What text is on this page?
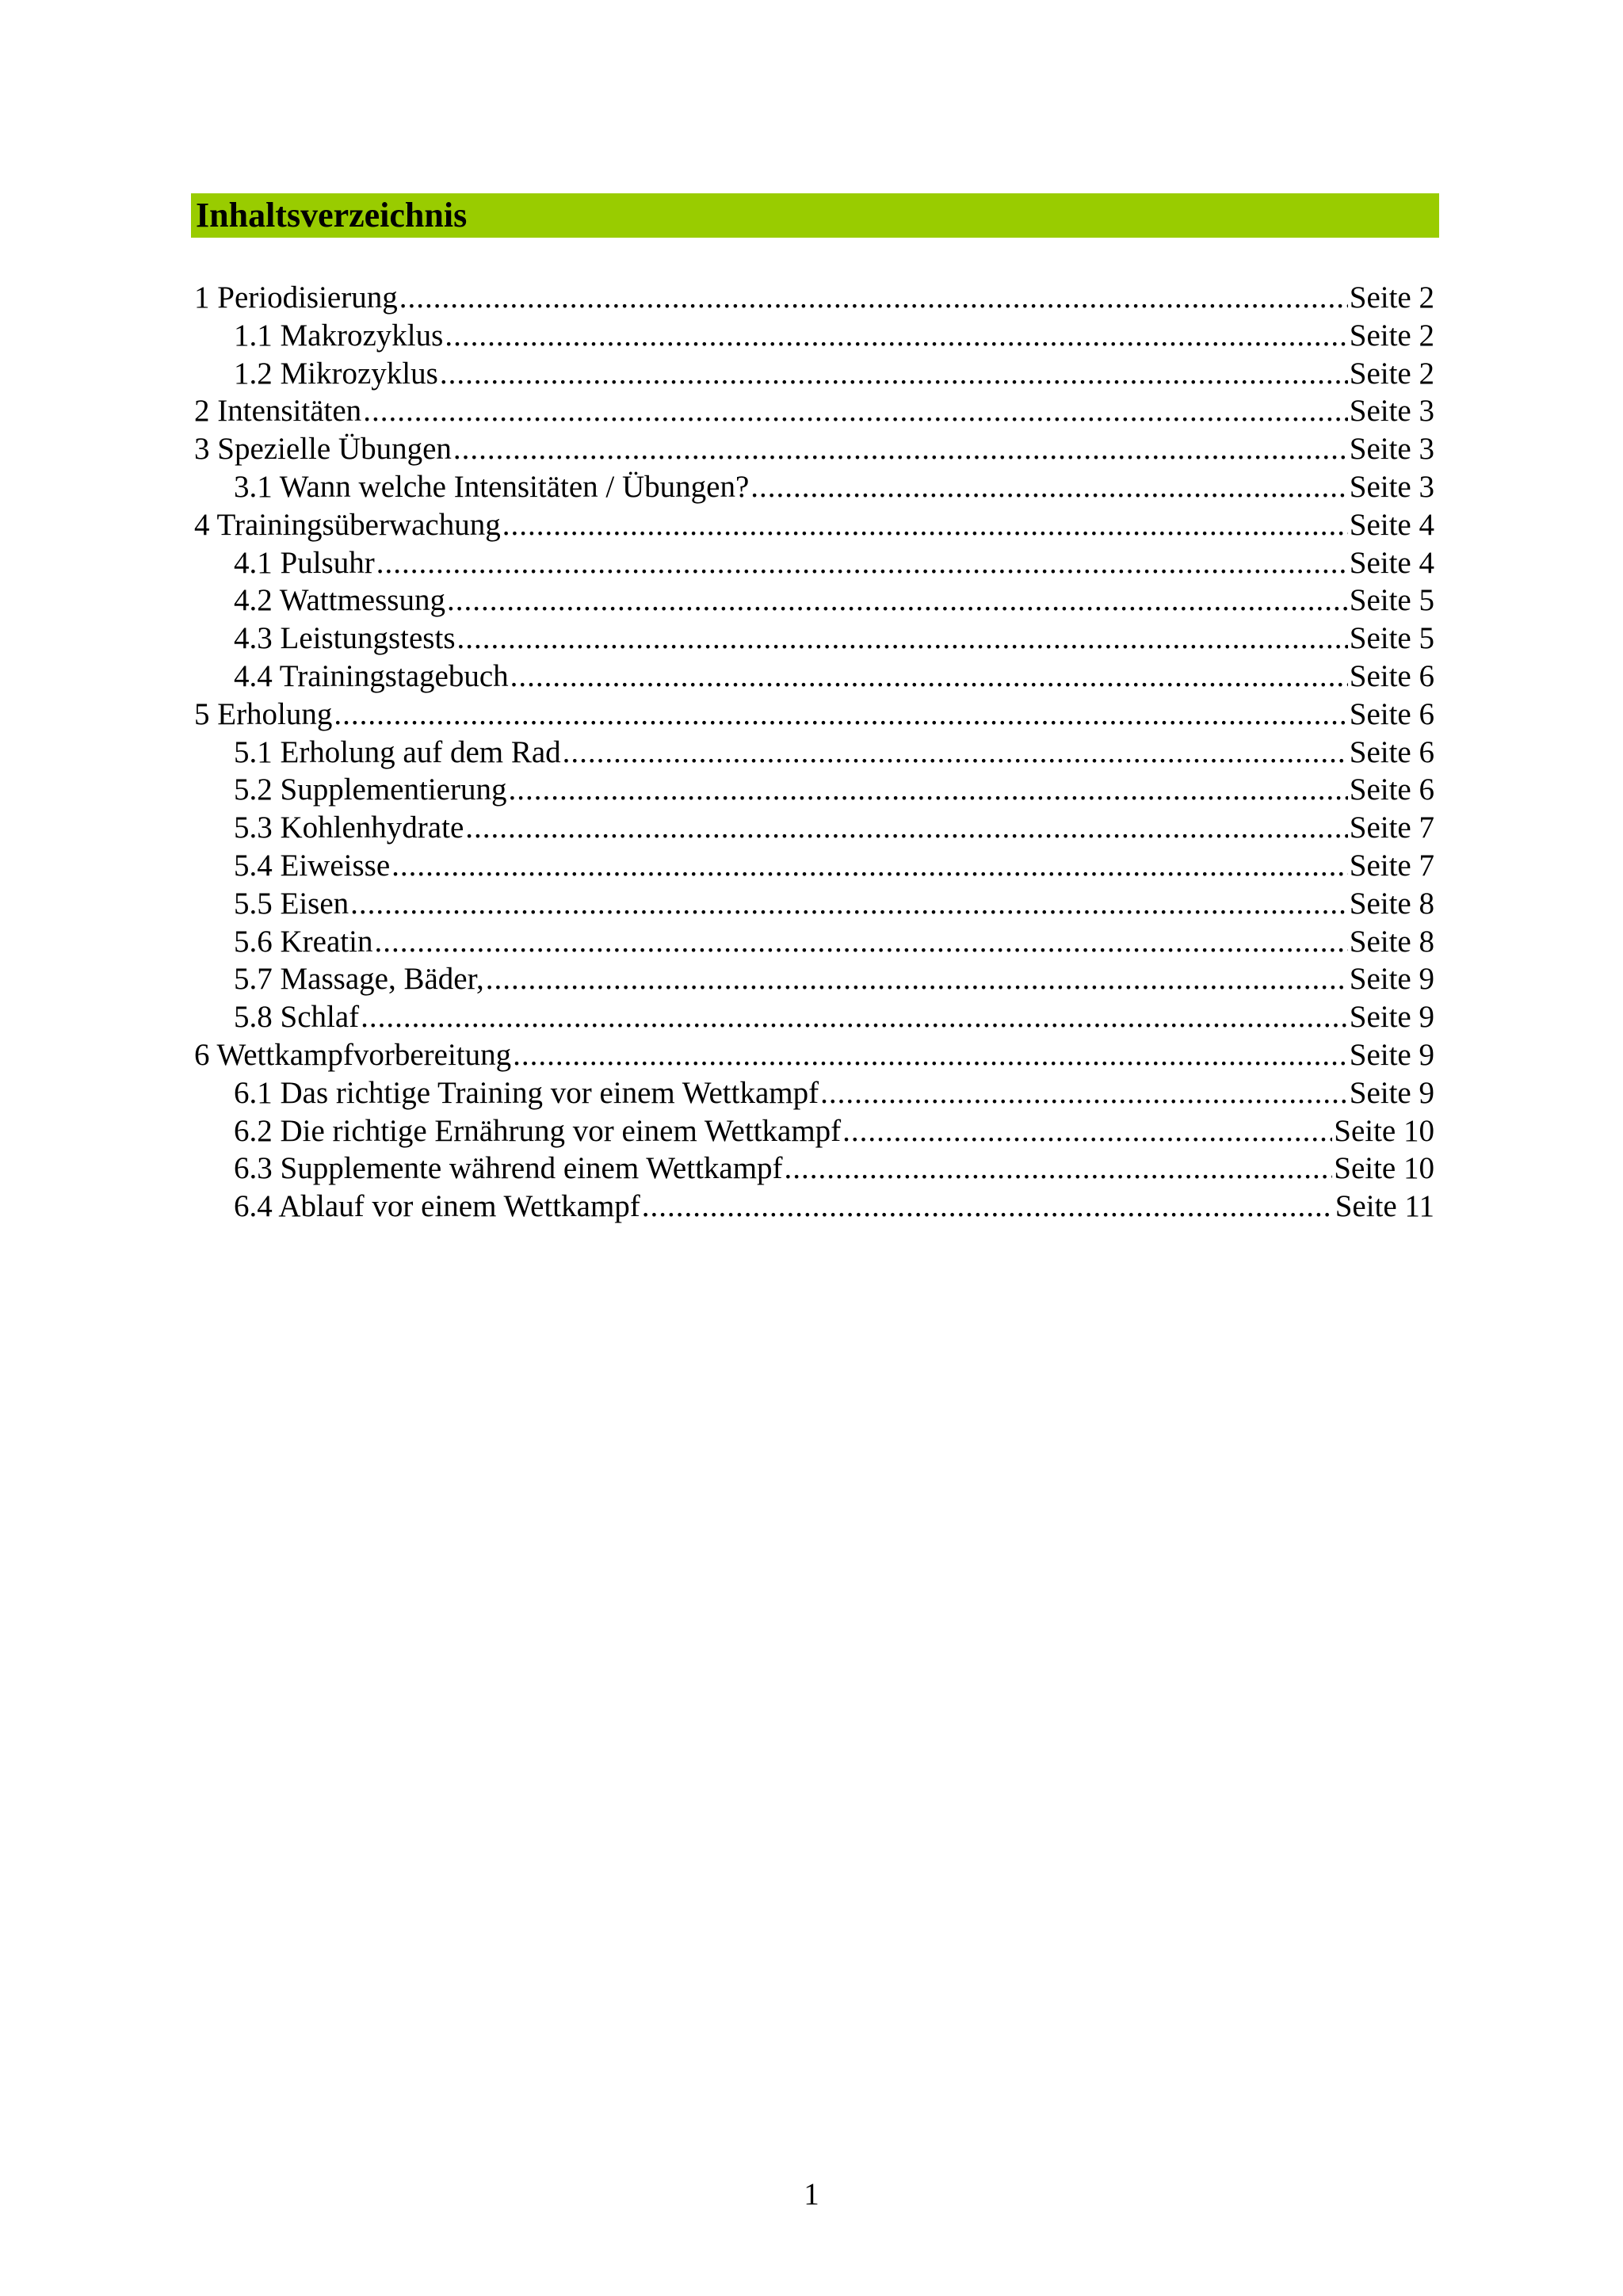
Inhaltsverzeichnis
1 Periodisierung .....	Seite 2
1.1 Makrozyklus .....	Seite 2
1.2 Mikrozyklus .....	Seite 2
2 Intensitäten .....	Seite 3
3 Spezielle Übungen .....	Seite 3
3.1 Wann welche Intensitäten / Übungen? .....	Seite 3
4 Trainingsüberwachung .....	Seite 4
4.1 Pulsuhr .....	Seite 4
4.2 Wattmessung .....	Seite 5
4.3 Leistungstests .....	Seite 5
4.4 Trainingstagebuch .....	Seite 6
5 Erholung .....	Seite 6
5.1 Erholung auf dem Rad .....	Seite 6
5.2 Supplementierung .....	Seite 6
5.3 Kohlenhydrate .....	Seite 7
5.4 Eiweisse .....	Seite 7
5.5 Eisen .....	Seite 8
5.6 Kreatin .....	Seite 8
5.7 Massage, Bäder, .....	Seite 9
5.8 Schlaf .....	Seite 9
6 Wettkampfvorbereitung .....	Seite 9
6.1 Das richtige Training vor einem Wettkampf .....	Seite 9
6.2 Die richtige Ernährung vor einem Wettkampf .....	Seite 10
6.3 Supplemente während einem Wettkampf .....	Seite 10
6.4 Ablauf vor einem Wettkampf .....	Seite 11
1
